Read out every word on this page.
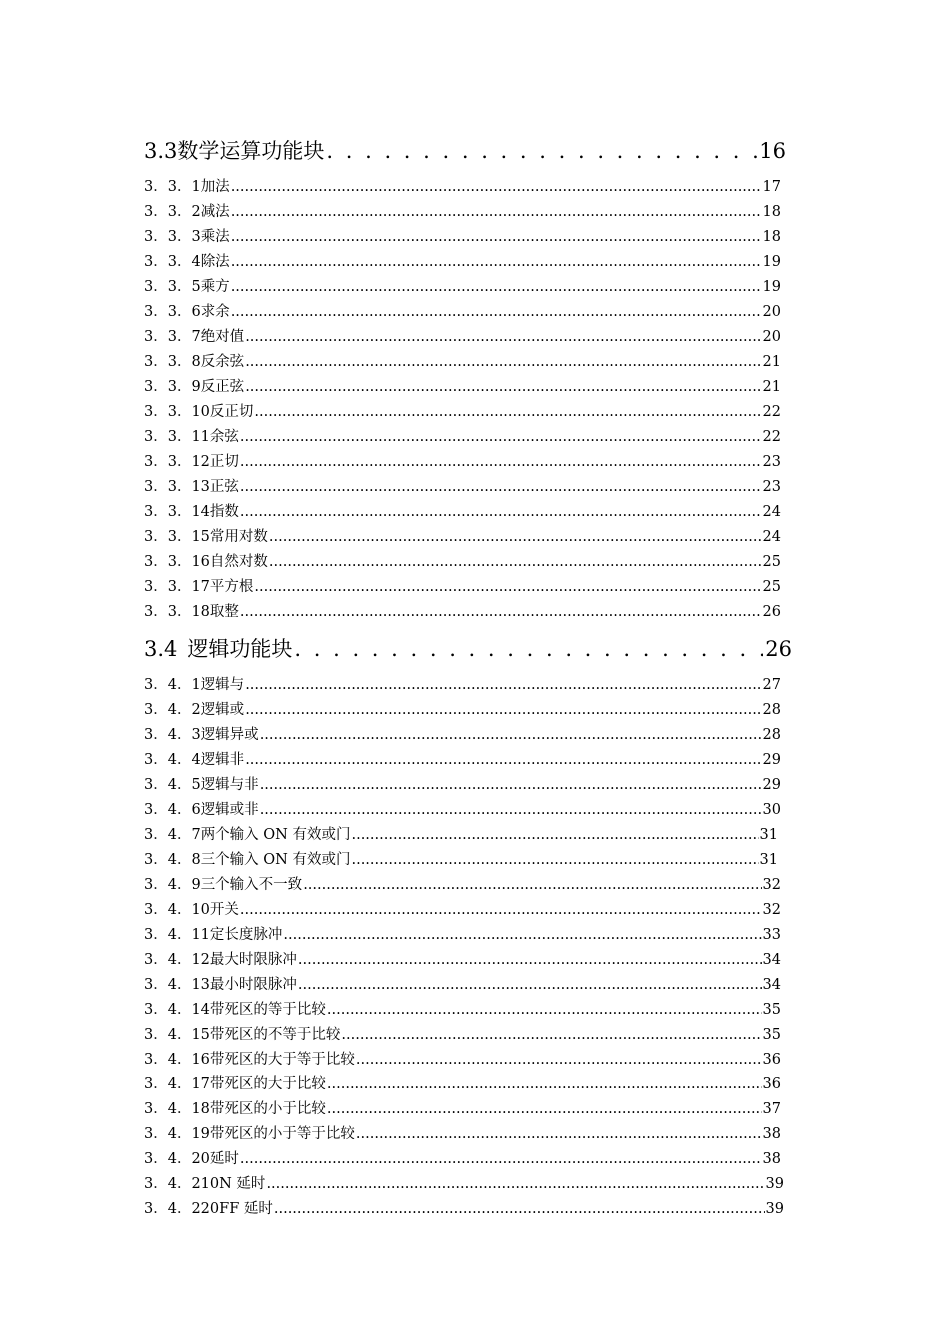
3.3 数学运算功能块 . . .	16
3．3．1 加法 .....	17
3．3．2 减法 .....	18
3．3．3 乘法 .....	18
3．3．4 除法 .....	19
3．3．5 乘方 .....	19
3．3．6 求余 .....	20
3．3．7 绝对值 .....	20
3．3．8 反余弦 .....	21
3．3．9 反正弦 .....	21
3．3．10 反正切 .....	22
3．3．11 余弦 .....	22
3．3．12 正切 .....	23
3．3．13 正弦 .....	23
3．3．14 指数 .....	24
3．3．15 常用对数 .....	24
3．3．16 自然对数 .....	25
3．3．17 平方根 .....	25
3．3．18 取整 .....	26
3.4 逻辑功能块 . . .	26
3．4．1 逻辑与 .....	27
3．4．2 逻辑或 .....	28
3．4．3 逻辑异或 .....	28
3．4．4 逻辑非 .....	29
3．4．5 逻辑与非 .....	29
3．4．6 逻辑或非 .....	30
3．4．7 两个输入 ON 有效或门 .....	31
3．4．8 三个输入 ON 有效或门 .....	31
3．4．9 三个输入不一致 .....	32
3．4．10 开关 .....	32
3．4．11 定长度脉冲 .....	33
3．4．12 最大时限脉冲 .....	34
3．4．13 最小时限脉冲 .....	34
3．4．14 带死区的等于比较 .....	35
3．4．15 带死区的不等于比较 .....	35
3．4．16 带死区的大于等于比较 .....	36
3．4．17 带死区的大于比较 .....	36
3．4．18 带死区的小于比较 .....	37
3．4．19 带死区的小于等于比较 .....	38
3．4．20 延时 .....	38
3．4．21 0N 延时 .....	39
3．4．22 0FF 延时 .....	39
